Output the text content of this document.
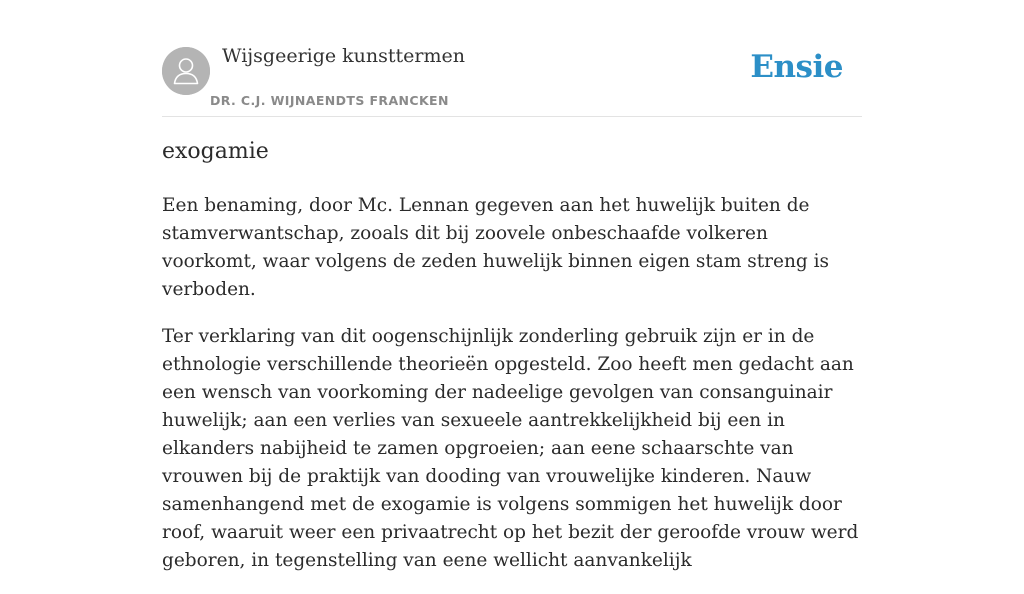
Wijsgeerige kunsttermen
DR. C.J. WIJNAENDTS FRANCKEN
Ensie
exogamie

Een benaming, door Mc. Lennan gegeven aan het huwelijk buiten de stamverwantschap, zooals dit bij zoovele onbeschaafde volkeren voorkomt, waar volgens de zeden huwelijk binnen eigen stam streng is verboden.

Ter verklaring van dit oogenschijnlijk zonderling gebruik zijn er in de ethnologie verschillende theorieën opgesteld. Zoo heeft men gedacht aan een wensch van voorkoming der nadeelige gevolgen van consanguinair huwelijk; aan een verlies van sexueele aantrekkelijkheid bij een in elkanders nabijheid te zamen opgroeien; aan eene schaarschte van vrouwen bij de praktijk van dooding van vrouwelijke kinderen. Nauw samenhangend met de exogamie is volgens sommigen het huwelijk door roof, waaruit weer een privaatrecht op het bezit der geroofde vrouw werd geboren, in tegenstelling van eene wellicht aanvankelijk
